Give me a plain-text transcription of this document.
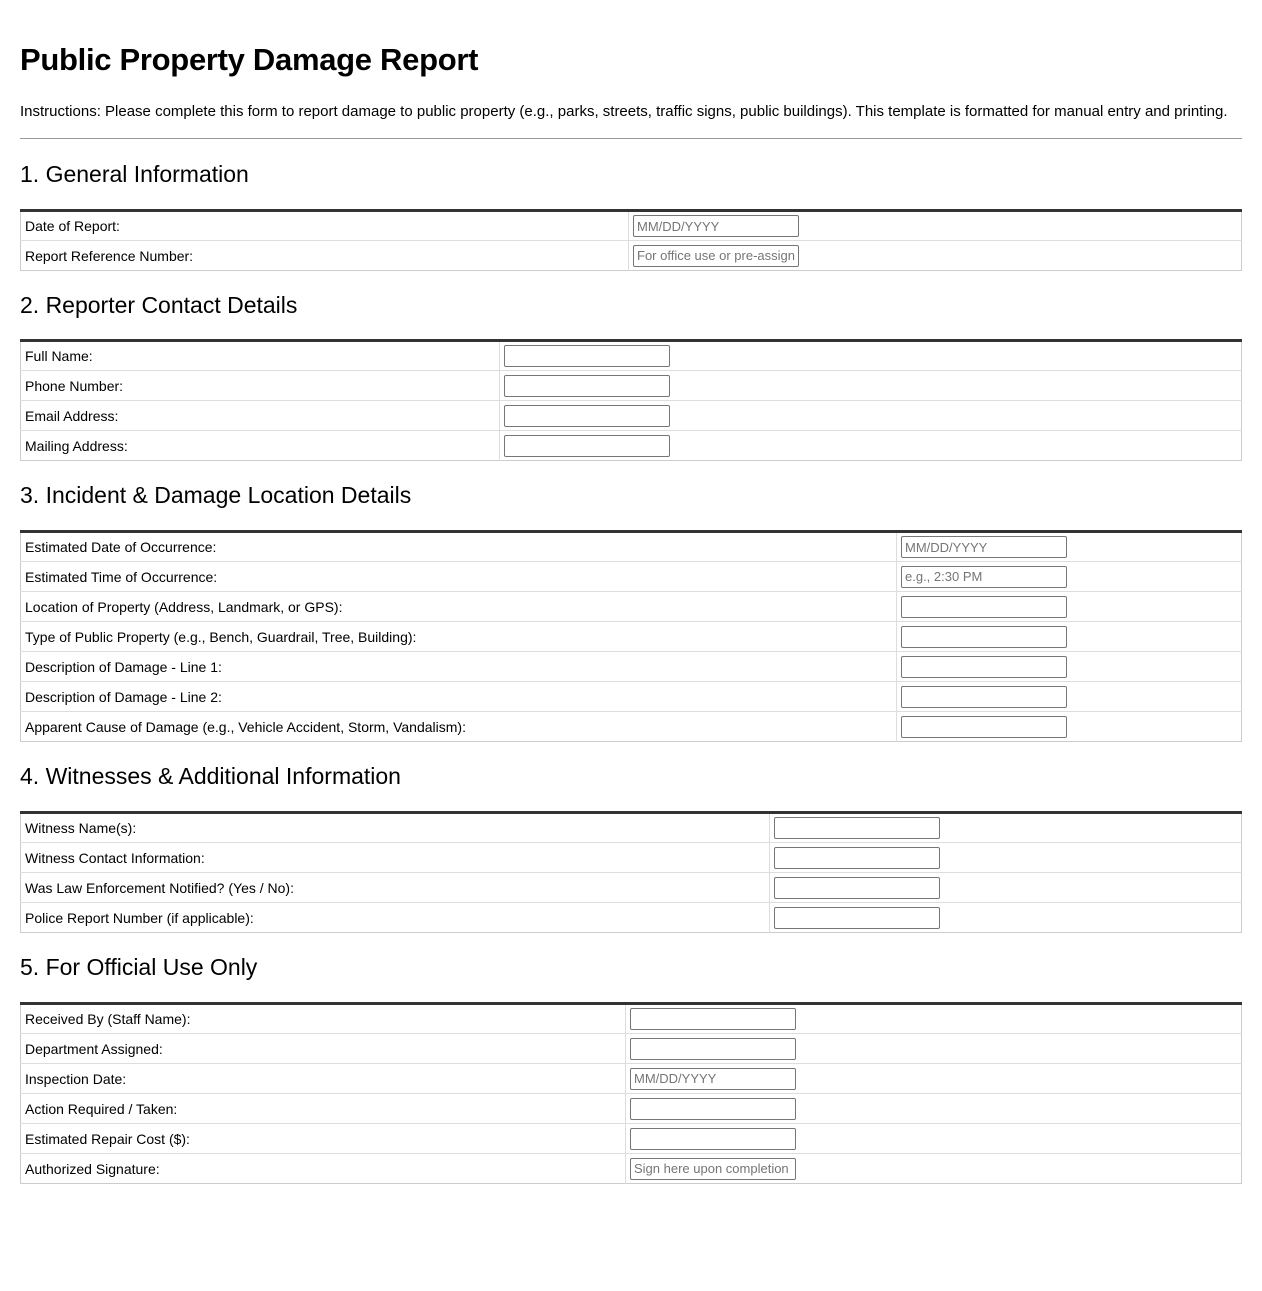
Public Property Damage Report

Instructions: Please complete this form to report damage to public property (e.g., parks, streets, traffic signs, public buildings). This template is formatted for manual entry and printing.

1. General Information
Date of Report:	
MM/DD/YYYY
Report Reference Number:	
For office use or pre-assigned
2. Reporter Contact Details
Full Name:	

Phone Number:	

Email Address:	

Mailing Address:	
3. Incident & Damage Location Details
Estimated Date of Occurrence:	
MM/DD/YYYY
Estimated Time of Occurrence:	
e.g., 2:30 PM
Location of Property (Address, Landmark, or GPS):	

Type of Public Property (e.g., Bench, Guardrail, Tree, Building):	

Description of Damage - Line 1:	

Description of Damage - Line 2:	

Apparent Cause of Damage (e.g., Vehicle Accident, Storm, Vandalism):	
4. Witnesses & Additional Information
Witness Name(s):	

Witness Contact Information:	

Was Law Enforcement Notified? (Yes / No):	

Police Report Number (if applicable):	
5. For Official Use Only
Received By (Staff Name):	

Department Assigned:	

Inspection Date:	
MM/DD/YYYY
Action Required / Taken:	

Estimated Repair Cost ($):	

Authorized Signature:	
Sign here upon completion
